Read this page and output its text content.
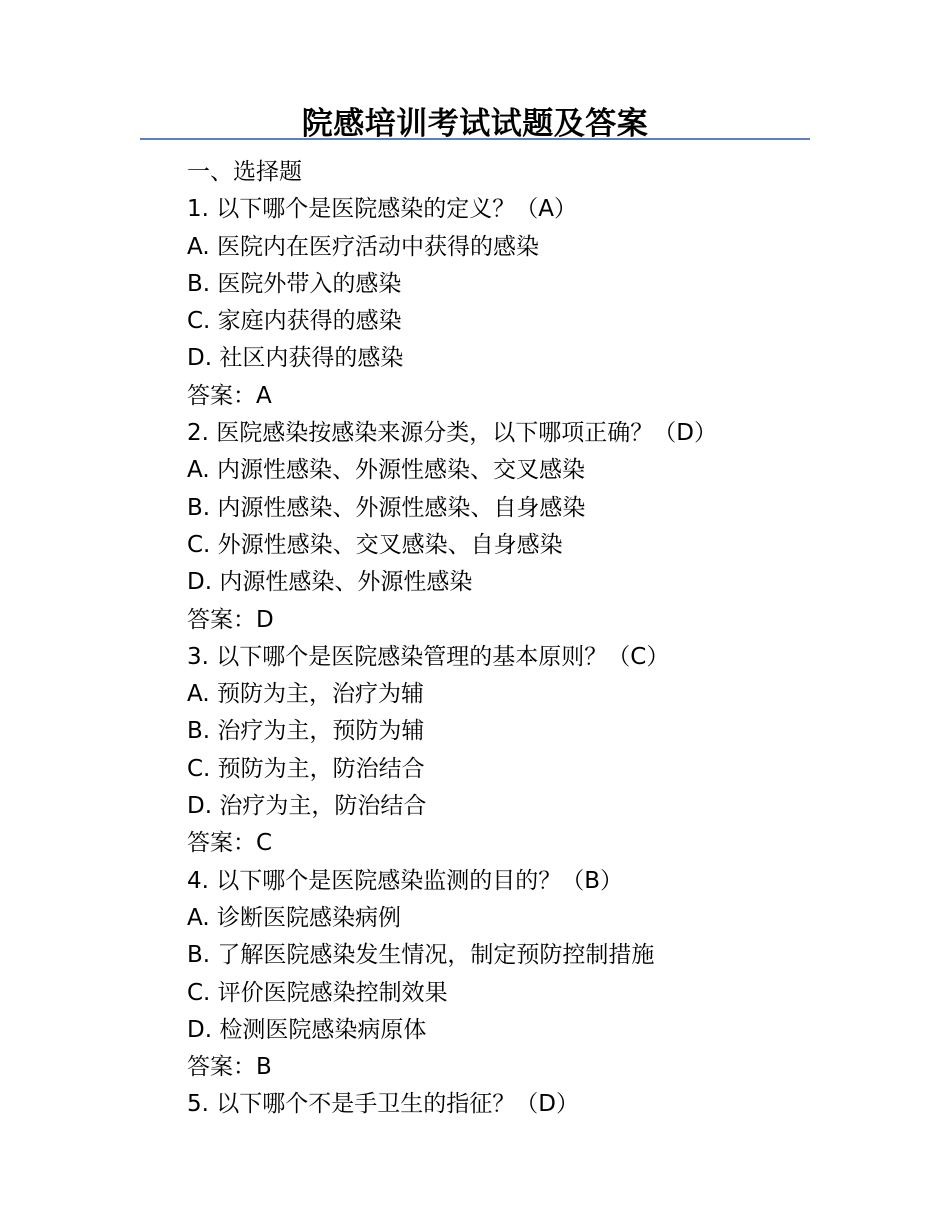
院感培训考试试题及答案
一、选择题
1. 以下哪个是医院感染的定义？（A）
A. 医院内在医疗活动中获得的感染
B. 医院外带入的感染
C. 家庭内获得的感染
D. 社区内获得的感染
答案：A
2. 医院感染按感染来源分类，以下哪项正确？（D）
A. 内源性感染、外源性感染、交叉感染
B. 内源性感染、外源性感染、自身感染
C. 外源性感染、交叉感染、自身感染
D. 内源性感染、外源性感染
答案：D
3. 以下哪个是医院感染管理的基本原则？（C）
A. 预防为主，治疗为辅
B. 治疗为主，预防为辅
C. 预防为主，防治结合
D. 治疗为主，防治结合
答案：C
4. 以下哪个是医院感染监测的目的？（B）
A. 诊断医院感染病例
B. 了解医院感染发生情况，制定预防控制措施
C. 评价医院感染控制效果
D. 检测医院感染病原体
答案：B
5. 以下哪个不是手卫生的指征？（D）
